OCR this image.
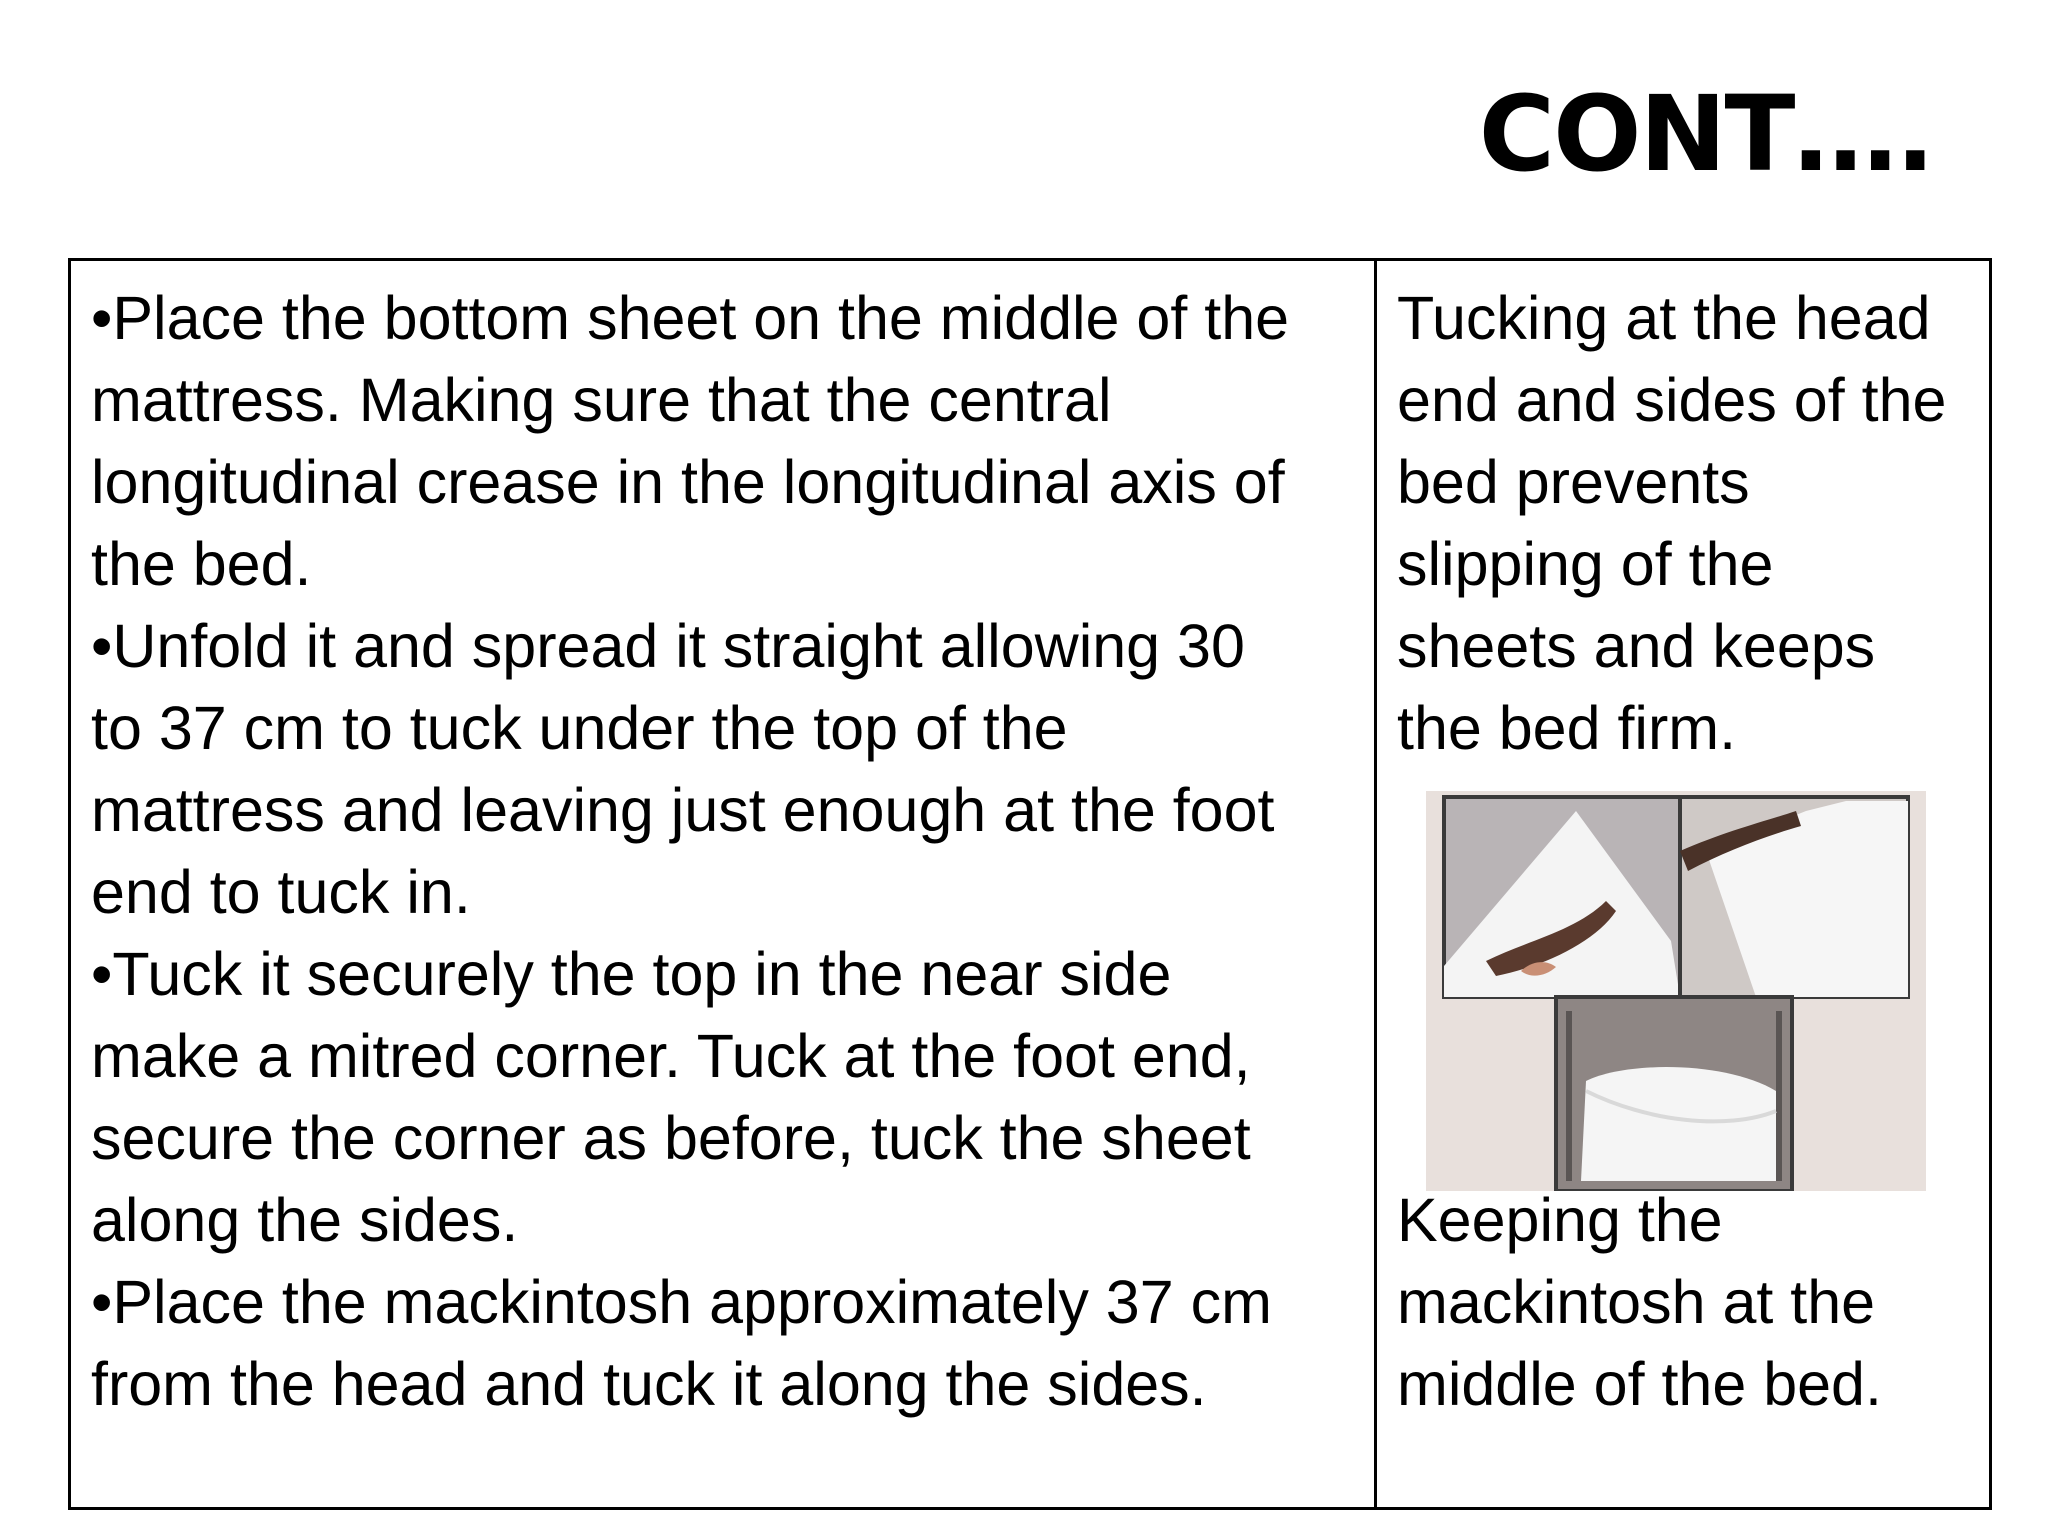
CONT….
•Place the bottom sheet on the middle of the
mattress. Making sure that the central
longitudinal crease in the longitudinal axis of
the bed.
•Unfold it and spread it straight allowing 30
to 37 cm to tuck under the top of the
mattress and leaving just enough at the foot
end to tuck in.
•Tuck it securely the top in the near side
make a mitred corner. Tuck at the foot end,
secure the corner as before, tuck the sheet
along the sides.
•Place the mackintosh approximately 37 cm
from the head and tuck it along the sides.
Tucking at the head
end and sides of the
bed prevents
slipping of the
sheets and keeps
the bed firm.
Keeping the
mackintosh at the
middle of the bed.
